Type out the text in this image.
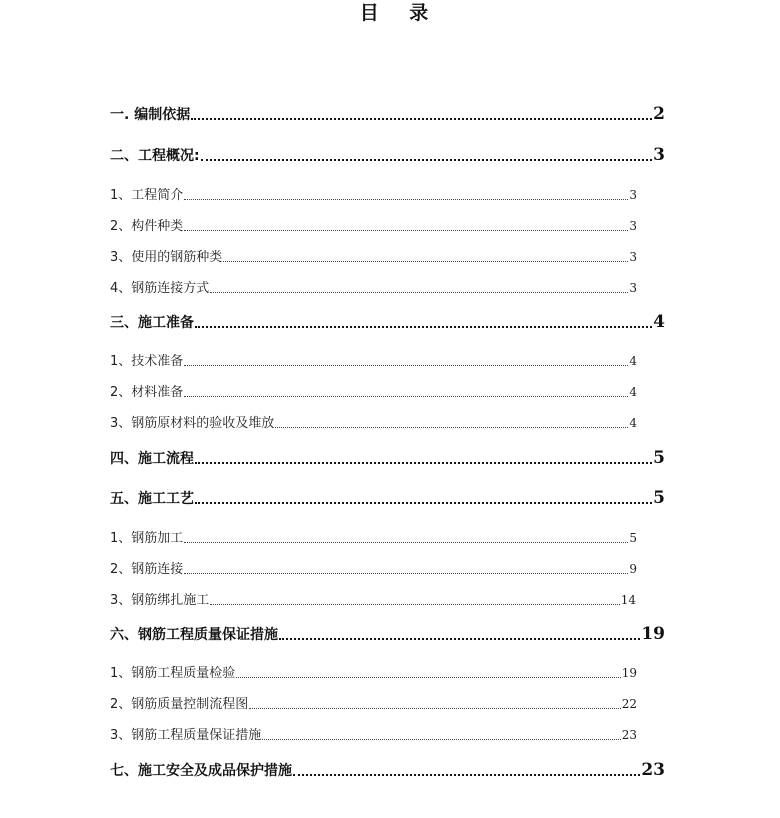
目 录
一. 编制依据	2
二、工程概况:	3
1、工程简介	3
2、构件种类	3
3、使用的钢筋种类	3
4、钢筋连接方式	3
三、施工准备	4
1、技术准备	4
2、材料准备	4
3、钢筋原材料的验收及堆放	4
四、施工流程	5
五、施工工艺	5
1、钢筋加工	5
2、钢筋连接	9
3、钢筋绑扎施工	14
六、钢筋工程质量保证措施	19
1、钢筋工程质量检验	19
2、钢筋质量控制流程图	22
3、钢筋工程质量保证措施	23
七、施工安全及成品保护措施	23
